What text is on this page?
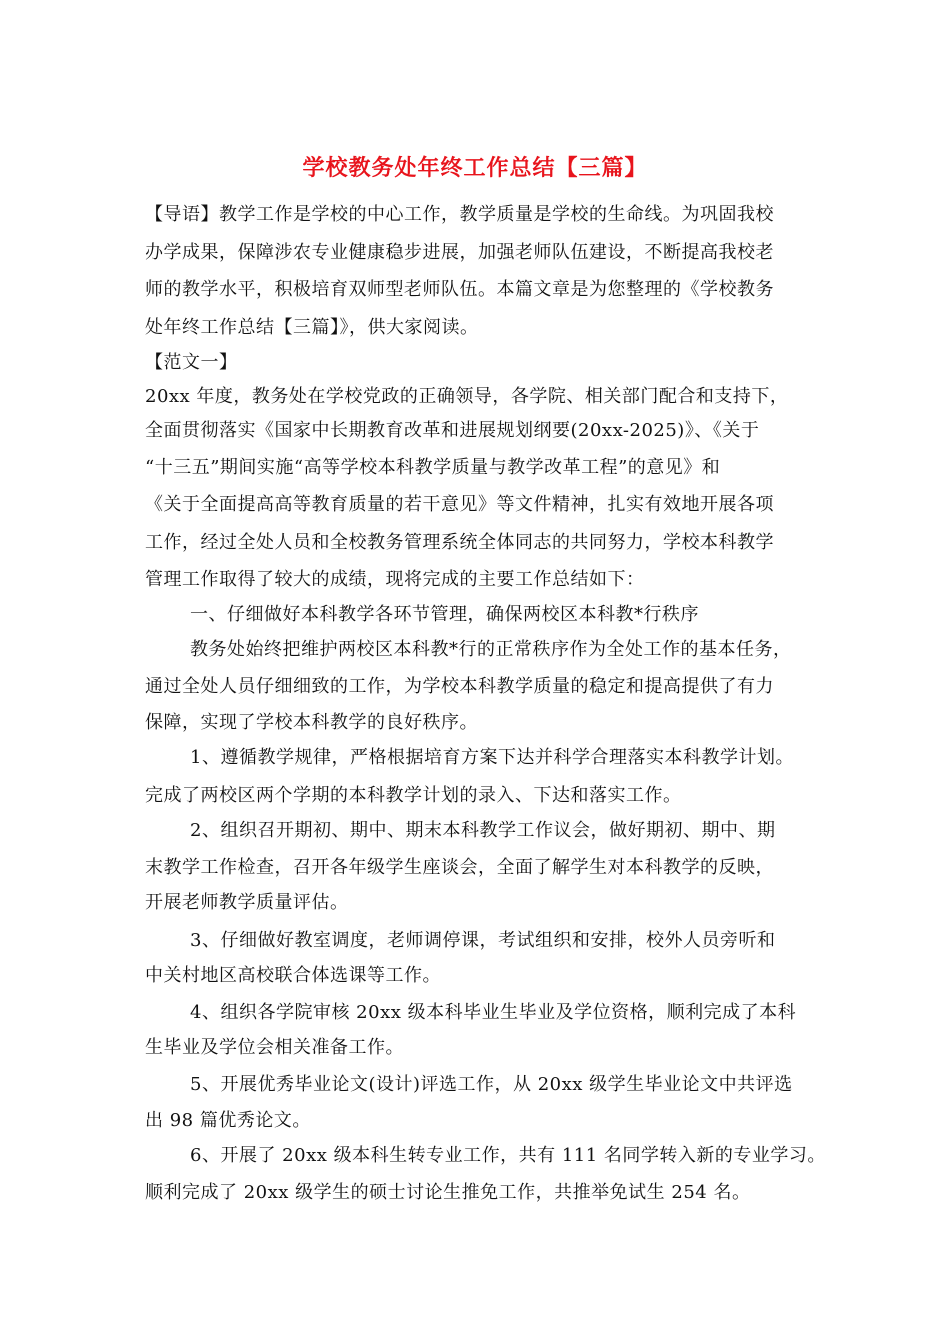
学校教务处年终工作总结【三篇】
【导语】教学工作是学校的中心工作，教学质量是学校的生命线。为巩固我校
办学成果，保障涉农专业健康稳步进展，加强老师队伍建设，不断提高我校老
师的教学水平，积极培育双师型老师队伍。本篇文章是为您整理的《学校教务
处年终工作总结【三篇】》，供大家阅读。
【范文一】
20xx 年度，教务处在学校党政的正确领导，各学院、相关部门配合和支持下，
全面贯彻落实《国家中长期教育改革和进展规划纲要(20xx-2025)》、《关于
“十三五”期间实施“高等学校本科教学质量与教学改革工程”的意见》和
《关于全面提高高等教育质量的若干意见》等文件精神，扎实有效地开展各项
工作，经过全处人员和全校教务管理系统全体同志的共同努力，学校本科教学
管理工作取得了较大的成绩，现将完成的主要工作总结如下：
一、仔细做好本科教学各环节管理，确保两校区本科教*行秩序
教务处始终把维护两校区本科教*行的正常秩序作为全处工作的基本任务，
通过全处人员仔细细致的工作，为学校本科教学质量的稳定和提高提供了有力
保障，实现了学校本科教学的良好秩序。
1、遵循教学规律，严格根据培育方案下达并科学合理落实本科教学计划。
完成了两校区两个学期的本科教学计划的录入、下达和落实工作。
2、组织召开期初、期中、期末本科教学工作议会，做好期初、期中、期
末教学工作检查，召开各年级学生座谈会，全面了解学生对本科教学的反映，
开展老师教学质量评估。
3、仔细做好教室调度，老师调停课，考试组织和安排，校外人员旁听和
中关村地区高校联合体选课等工作。
4、组织各学院审核 20xx 级本科毕业生毕业及学位资格，顺利完成了本科
生毕业及学位会相关准备工作。
5、开展优秀毕业论文(设计)评选工作，从 20xx 级学生毕业论文中共评选
出 98 篇优秀论文。
6、开展了 20xx 级本科生转专业工作，共有 111 名同学转入新的专业学习。
顺利完成了 20xx 级学生的硕士讨论生推免工作，共推举免试生 254 名。
